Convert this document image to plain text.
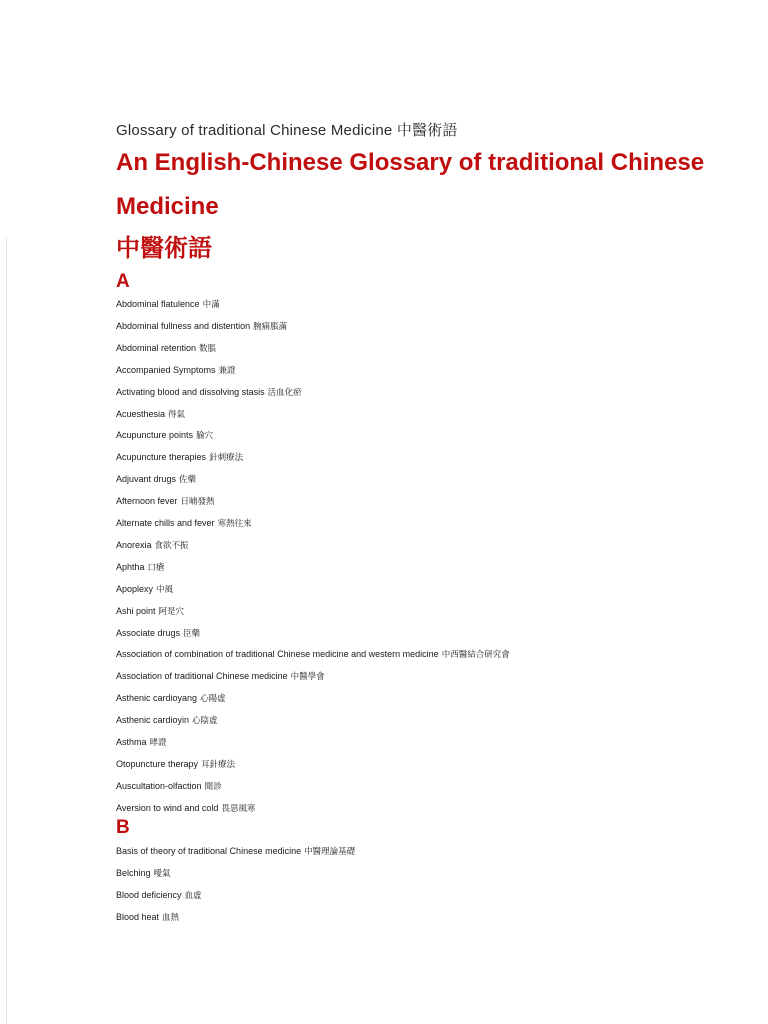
Glossary of traditional Chinese Medicine 中醫術語
An English-Chinese Glossary of traditional Chinese Medicine
中醫術語
A
Abdominal flatulence 中滿
Abdominal fullness and distention 腕痛脹滿
Abdominal retention 数脹
Accompanied Symptoms 兼證
Activating blood and dissolving stasis 活血化瘀
Acuesthesia 得氣
Acupuncture points 腧穴
Acupuncture therapies 針刺療法
Adjuvant drugs 佐藥
Afternoon fever 日晡發熱
Alternate chills and fever 寒熱往來
Anorexia 食欲不振
Aphtha 口瘡
Apoplexy 中風
Ashi point 阿是穴
Associate drugs 臣藥
Association of combination of traditional Chinese medicine and western medicine 中西醫結合研究會
Association of traditional Chinese medicine 中醫學會
Asthenic cardioyang 心陽虛
Asthenic cardioyin 心陰虛
Asthma 哮證
Otopuncture therapy 耳針療法
Auscultation-olfaction 聞診
Aversion to wind and cold 畏惡風寒
B
Basis of theory of traditional Chinese medicine 中醫理論基礎
Belching 噯氣
Blood deficiency 血虛
Blood heat 血熱
